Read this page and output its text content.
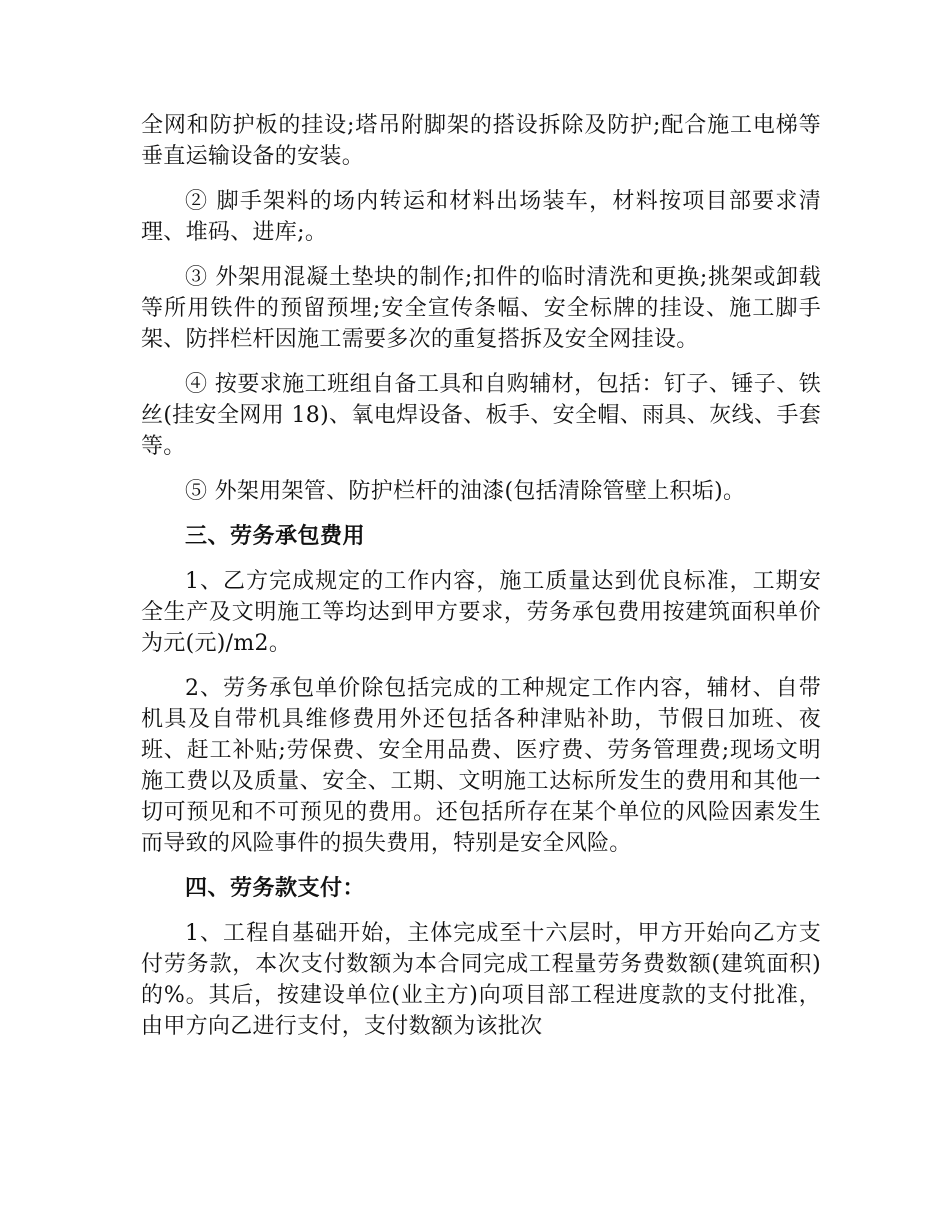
全网和防护板的挂设;塔吊附脚架的搭设拆除及防护;配合施工电梯等垂直运输设备的安装。

② 脚手架料的场内转运和材料出场装车，材料按项目部要求清理、堆码、进库;。

③ 外架用混凝土垫块的制作;扣件的临时清洗和更换;挑架或卸载等所用铁件的预留预埋;安全宣传条幅、安全标牌的挂设、施工脚手架、防拌栏杆因施工需要多次的重复搭拆及安全网挂设。

④ 按要求施工班组自备工具和自购辅材，包括：钉子、锤子、铁丝(挂安全网用 18)、氧电焊设备、板手、安全帽、雨具、灰线、手套等。

⑤ 外架用架管、防护栏杆的油漆(包括清除管壁上积垢)。

三、劳务承包费用

1、乙方完成规定的工作内容，施工质量达到优良标准，工期安全生产及文明施工等均达到甲方要求，劳务承包费用按建筑面积单价为元(元)/m2。

2、劳务承包单价除包括完成的工种规定工作内容，辅材、自带机具及自带机具维修费用外还包括各种津贴补助，节假日加班、夜班、赶工补贴;劳保费、安全用品费、医疗费、劳务管理费;现场文明施工费以及质量、安全、工期、文明施工达标所发生的费用和其他一切可预见和不可预见的费用。还包括所存在某个单位的风险因素发生而导致的风险事件的损失费用，特别是安全风险。

四、劳务款支付：

1、工程自基础开始，主体完成至十六层时，甲方开始向乙方支付劳务款，本次支付数额为本合同完成工程量劳务费数额(建筑面积)的%。其后，按建设单位(业主方)向项目部工程进度款的支付批准，由甲方向乙进行支付，支付数额为该批次
